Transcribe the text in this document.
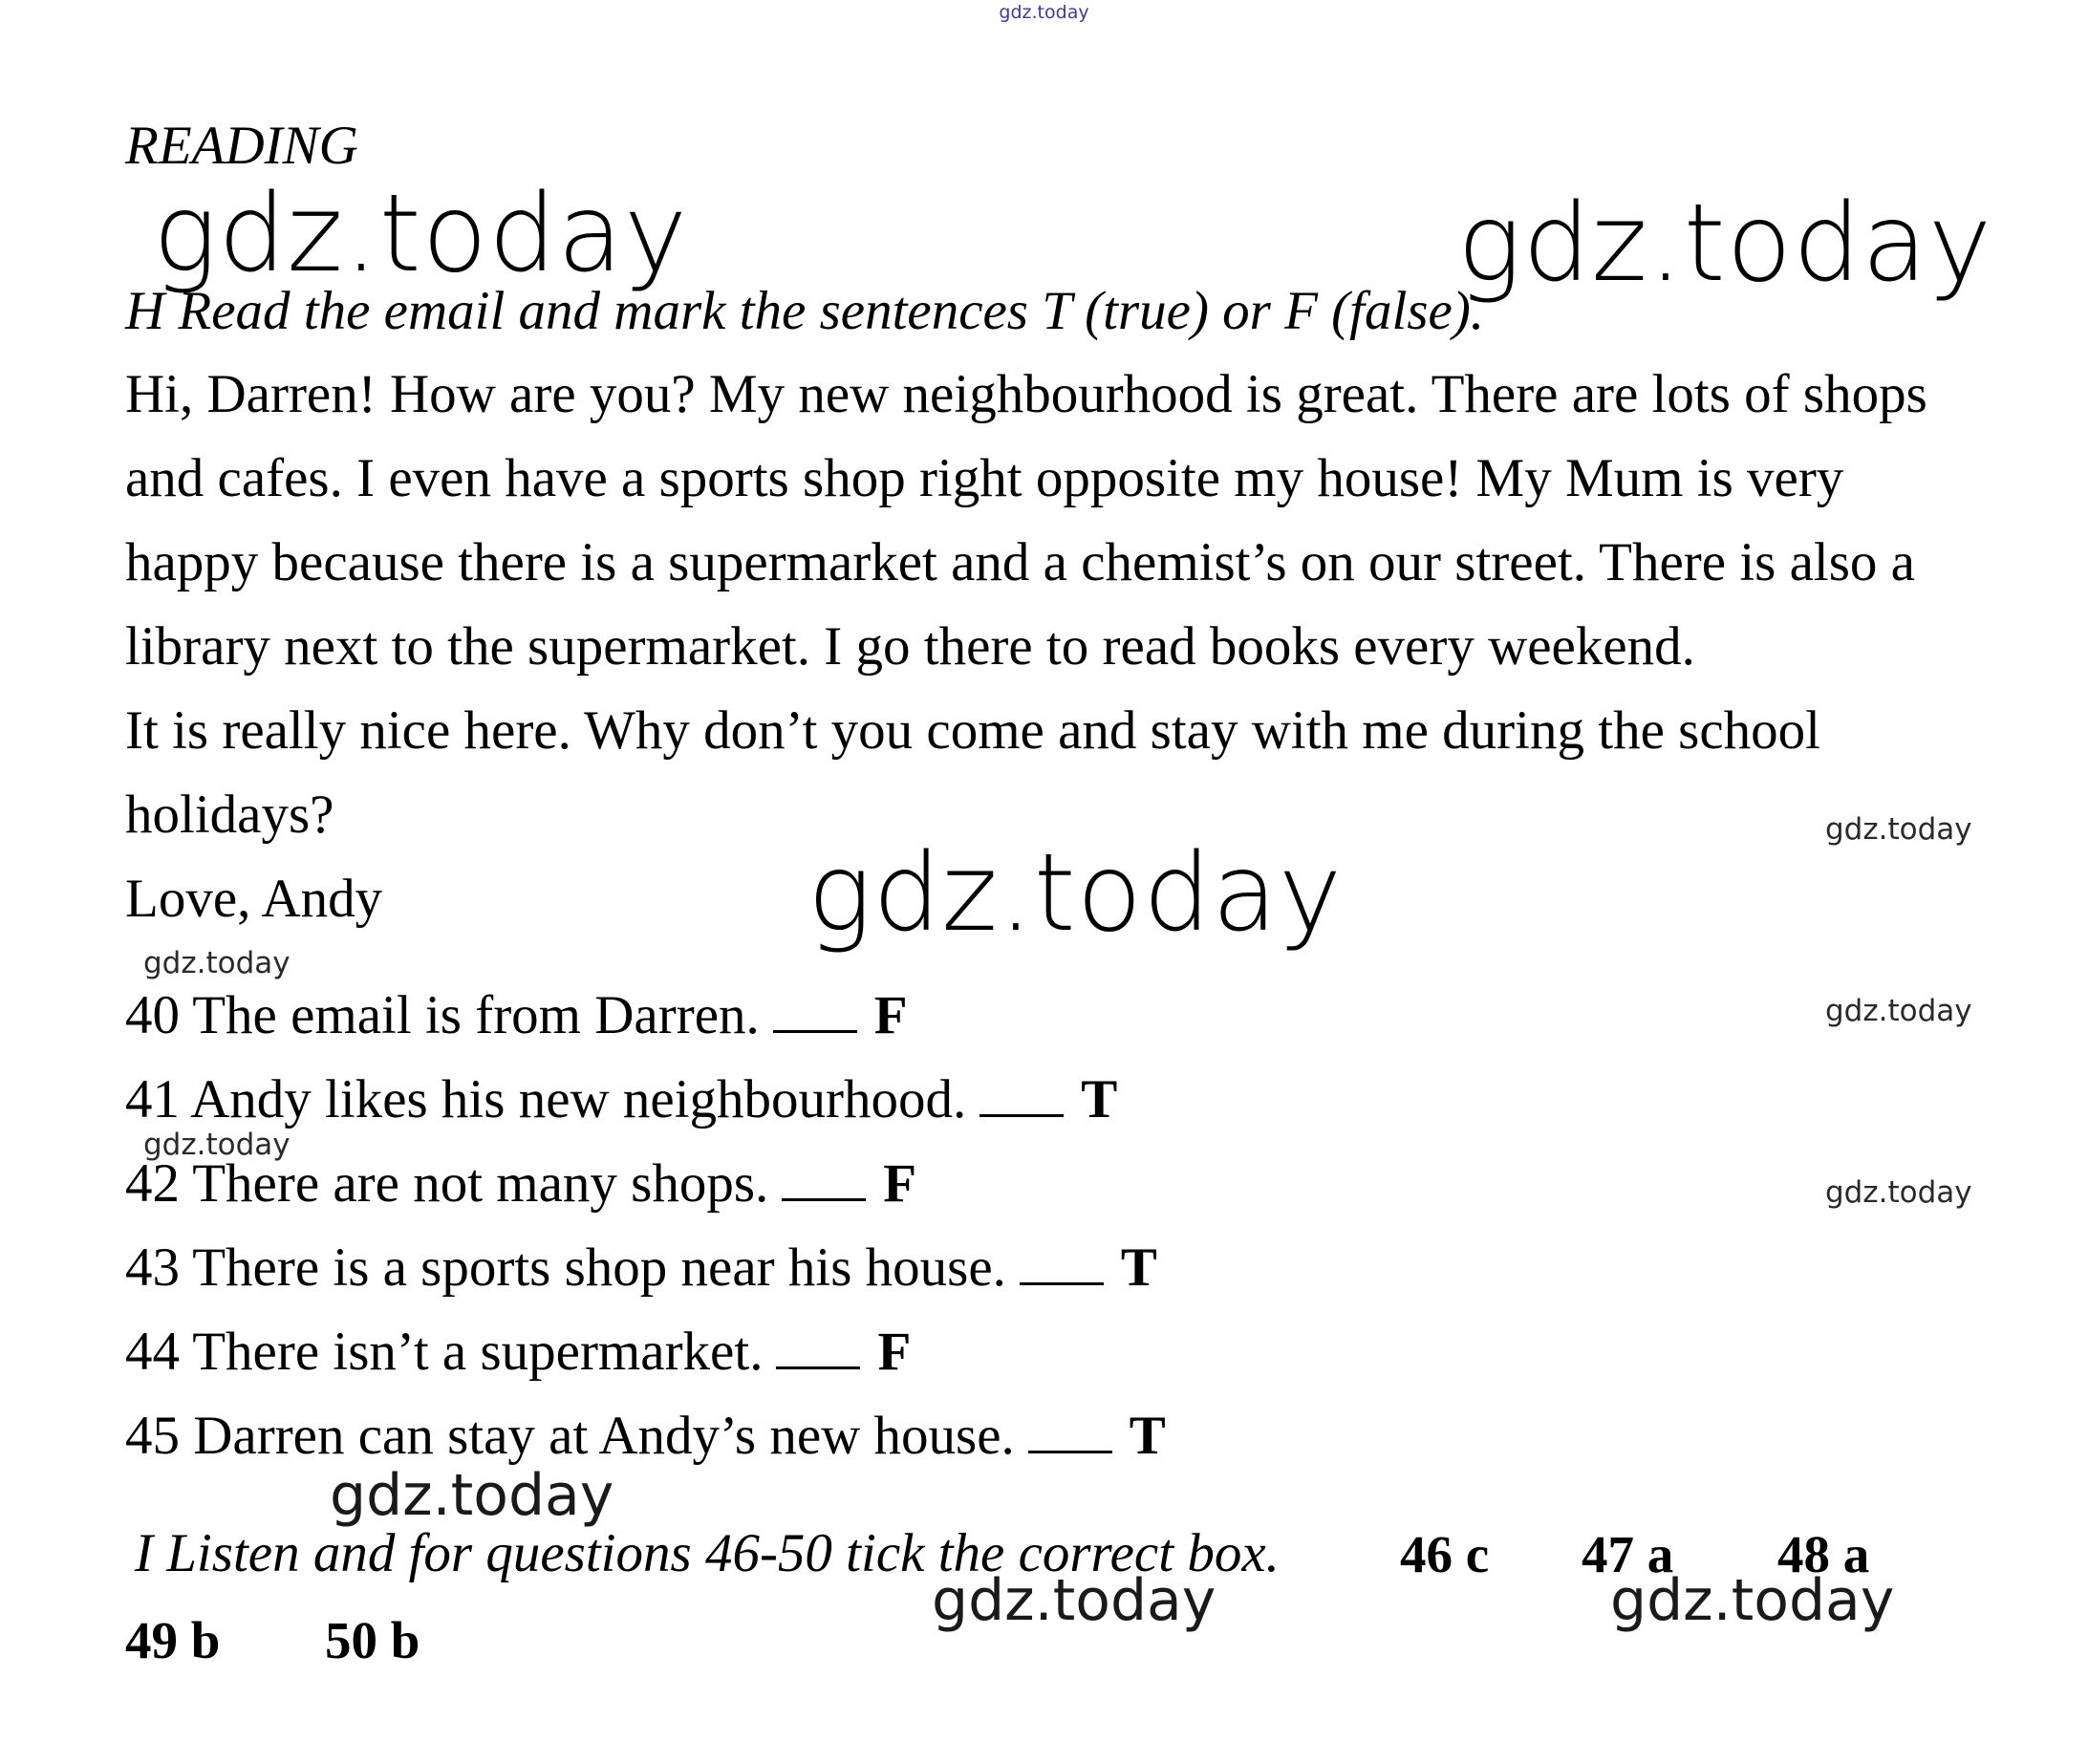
gdz.today
READING
gdz.today	gdz.today
H Read the email and mark the sentences T (true) or F (false).
Hi, Darren! How are you? My new neighbourhood is great. There are lots of shops
and cafes. I even have a sports shop right opposite my house! My Mum is very
happy because there is a supermarket and a chemist’s on our street. There is also a
library next to the supermarket. I go there to read books every weekend.
It is really nice here. Why don’t you come and stay with me during the school
holidays?
Love, Andy	gdz.today
gdz.today
gdz.today
gdz.today
gdz.today
gdz.today
40 The email is from Darren. F
41 Andy likes his new neighbourhood. T
42 There are not many shops. F
43 There is a sports shop near his house. T
44 There isn’t a supermarket. F
45 Darren can stay at Andy’s new house. T
gdz.today
I Listen and for questions 46-50 tick the correct box. 46 c 47 a 48 a
49 b 50 b
gdz.today	gdz.today
